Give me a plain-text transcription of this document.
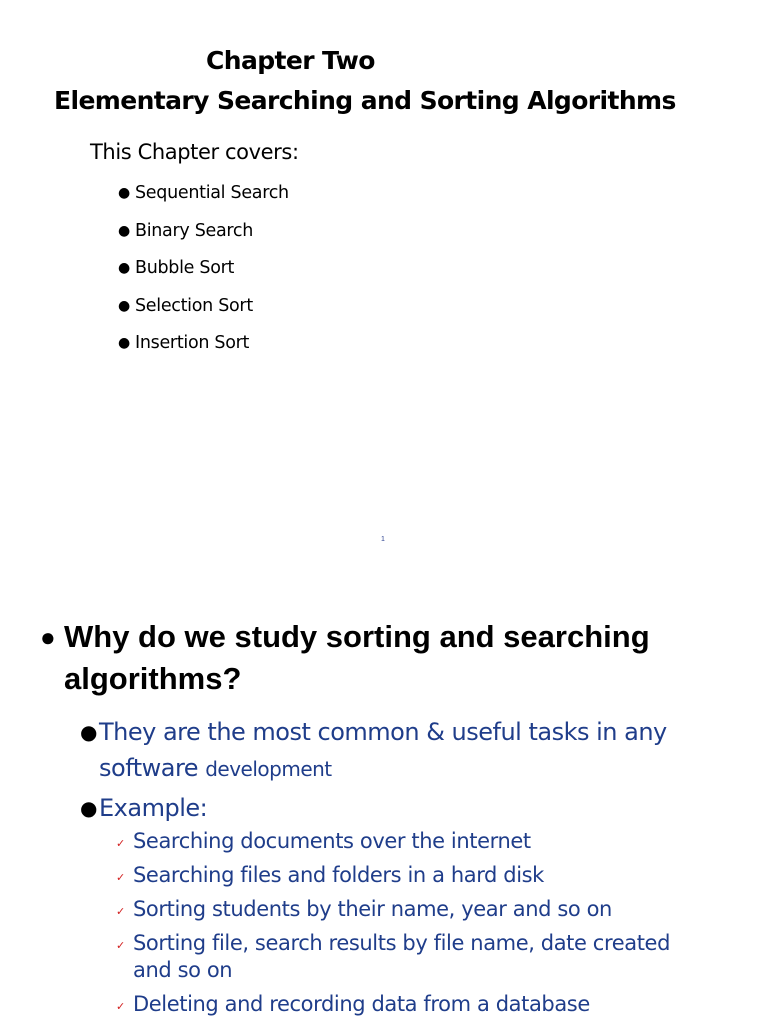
Chapter Two
Elementary Searching and Sorting Algorithms
This Chapter covers:
● Sequential Search
● Binary Search
● Bubble Sort
● Selection Sort
● Insertion Sort
1
● Why do we study sorting and searching algorithms?
● They are the most common & useful tasks in any software development
● Example:
✓ Searching documents over the internet
✓ Searching files and folders in a hard disk
✓ Sorting students by their name, year and so on
✓ Sorting file, search results by file name, date created and so on
✓ Deleting and recording data from a database
